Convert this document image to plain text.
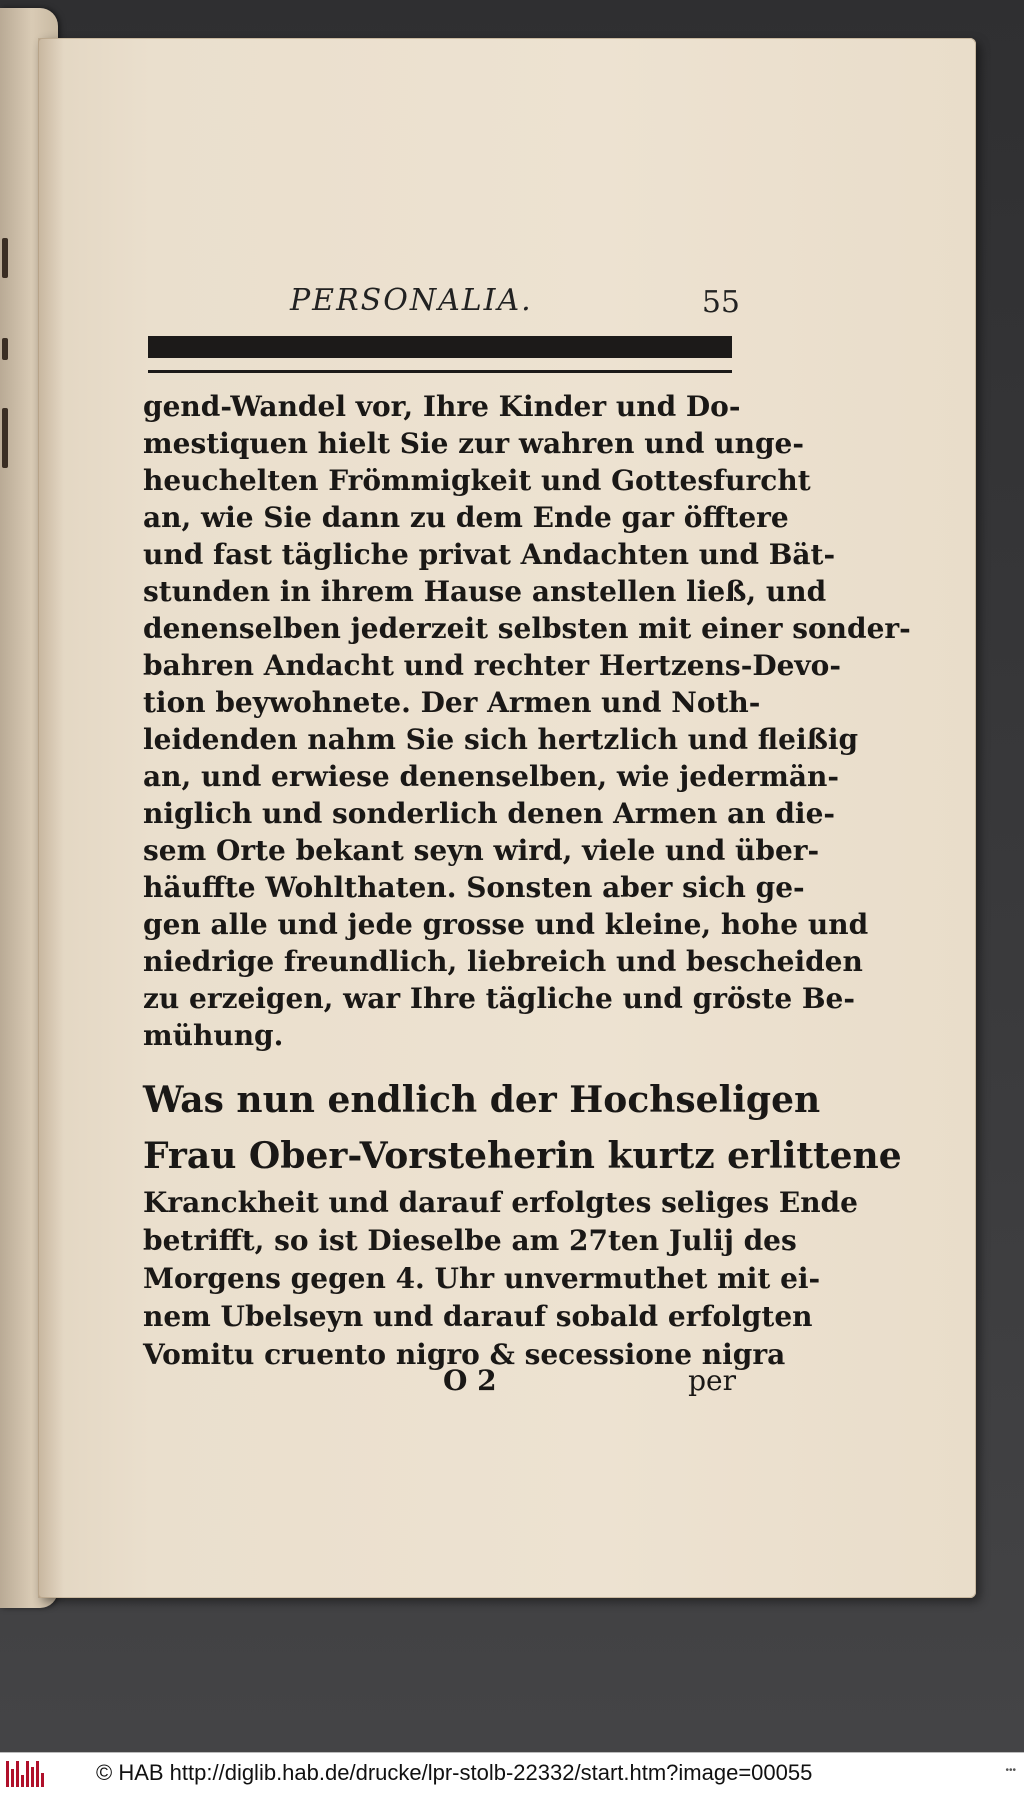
PERSONALIA.	55
gend-Wandel vor, Ihre Kinder und Do-
mestiquen hielt Sie zur wahren und unge-
heuchelten Frömmigkeit und Gottesfurcht
an, wie Sie dann zu dem Ende gar öfftere
und fast tägliche privat Andachten und Bät-
stunden in ihrem Hause anstellen ließ, und
denenselben jederzeit selbsten mit einer sonder-
bahren Andacht und rechter Hertzens-Devo-
tion beywohnete. Der Armen und Noth-
leidenden nahm Sie sich hertzlich und fleißig
an, und erwiese denenselben, wie jedermän-
niglich und sonderlich denen Armen an die-
sem Orte bekant seyn wird, viele und über-
häuffte Wohlthaten. Sonsten aber sich ge-
gen alle und jede grosse und kleine, hohe und
niedrige freundlich, liebreich und bescheiden
zu erzeigen, war Ihre tägliche und gröste Be-
mühung.
Was nun endlich der Hochseligen
Frau Ober-Vorsteherin kurtz erlittene
Kranckheit und darauf erfolgtes seliges Ende
betrifft, so ist Dieselbe am 27ten Julij des
Morgens gegen 4. Uhr unvermuthet mit ei-
nem Ubelseyn und darauf sobald erfolgten
Vomitu cruento nigro & secessione nigra
O 2	per
© HAB http://diglib.hab.de/drucke/lpr-stolb-22332/start.htm?image=00055	•••
